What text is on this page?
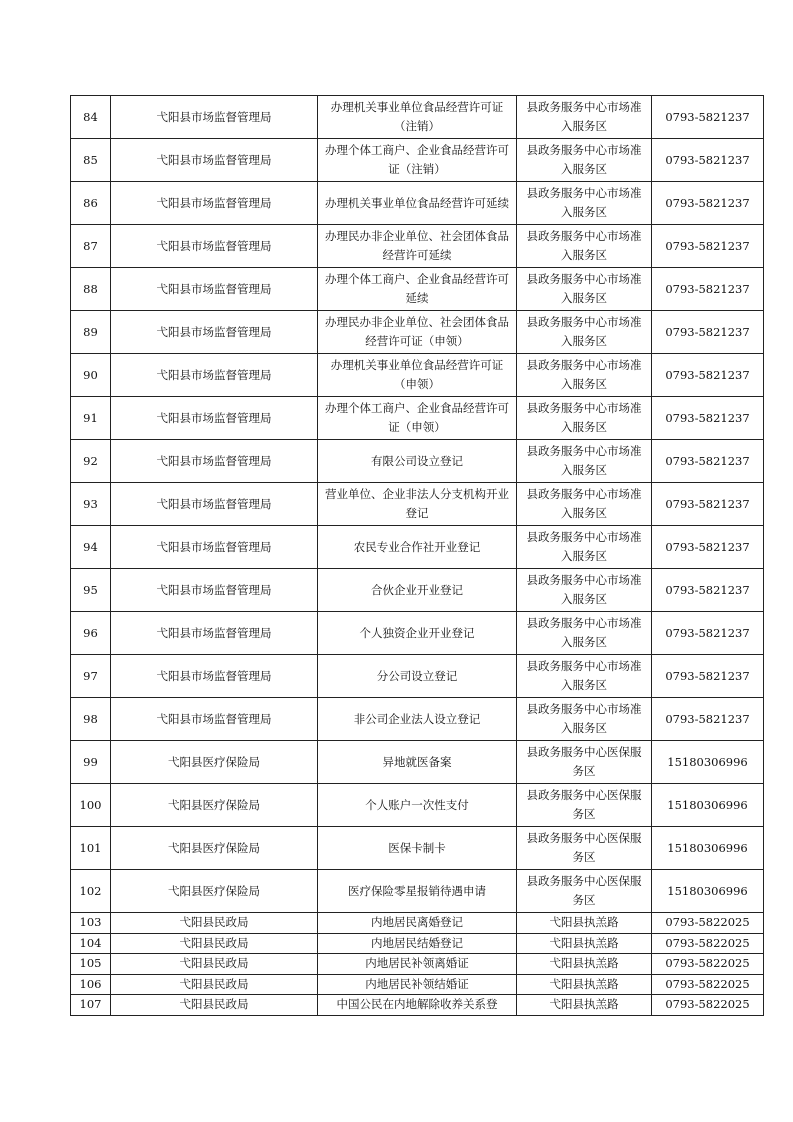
84	弋阳县市场监督管理局	办理机关事业单位食品经营许可证（注销）	县政务服务中心市场准入服务区	0793-5821237
85	弋阳县市场监督管理局	办理个体工商户、企业食品经营许可证（注销）	县政务服务中心市场准入服务区	0793-5821237
86	弋阳县市场监督管理局	办理机关事业单位食品经营许可延续	县政务服务中心市场准入服务区	0793-5821237
87	弋阳县市场监督管理局	办理民办非企业单位、社会团体食品经营许可延续	县政务服务中心市场准入服务区	0793-5821237
88	弋阳县市场监督管理局	办理个体工商户、企业食品经营许可延续	县政务服务中心市场准入服务区	0793-5821237
89	弋阳县市场监督管理局	办理民办非企业单位、社会团体食品经营许可证（申领）	县政务服务中心市场准入服务区	0793-5821237
90	弋阳县市场监督管理局	办理机关事业单位食品经营许可证（申领）	县政务服务中心市场准入服务区	0793-5821237
91	弋阳县市场监督管理局	办理个体工商户、企业食品经营许可证（申领）	县政务服务中心市场准入服务区	0793-5821237
92	弋阳县市场监督管理局	有限公司设立登记	县政务服务中心市场准入服务区	0793-5821237
93	弋阳县市场监督管理局	营业单位、企业非法人分支机构开业登记	县政务服务中心市场准入服务区	0793-5821237
94	弋阳县市场监督管理局	农民专业合作社开业登记	县政务服务中心市场准入服务区	0793-5821237
95	弋阳县市场监督管理局	合伙企业开业登记	县政务服务中心市场准入服务区	0793-5821237
96	弋阳县市场监督管理局	个人独资企业开业登记	县政务服务中心市场准入服务区	0793-5821237
97	弋阳县市场监督管理局	分公司设立登记	县政务服务中心市场准入服务区	0793-5821237
98	弋阳县市场监督管理局	非公司企业法人设立登记	县政务服务中心市场准入服务区	0793-5821237
99	弋阳县医疗保险局	异地就医备案	县政务服务中心医保服务区	15180306996
100	弋阳县医疗保险局	个人账户一次性支付	县政务服务中心医保服务区	15180306996
101	弋阳县医疗保险局	医保卡制卡	县政务服务中心医保服务区	15180306996
102	弋阳县医疗保险局	医疗保险零星报销待遇申请	县政务服务中心医保服务区	15180306996
103	弋阳县民政局	内地居民离婚登记	弋阳县执羔路	0793-5822025
104	弋阳县民政局	内地居民结婚登记	弋阳县执羔路	0793-5822025
105	弋阳县民政局	内地居民补领离婚证	弋阳县执羔路	0793-5822025
106	弋阳县民政局	内地居民补领结婚证	弋阳县执羔路	0793-5822025
107	弋阳县民政局	中国公民在内地解除收养关系登	弋阳县执羔路	0793-5822025
